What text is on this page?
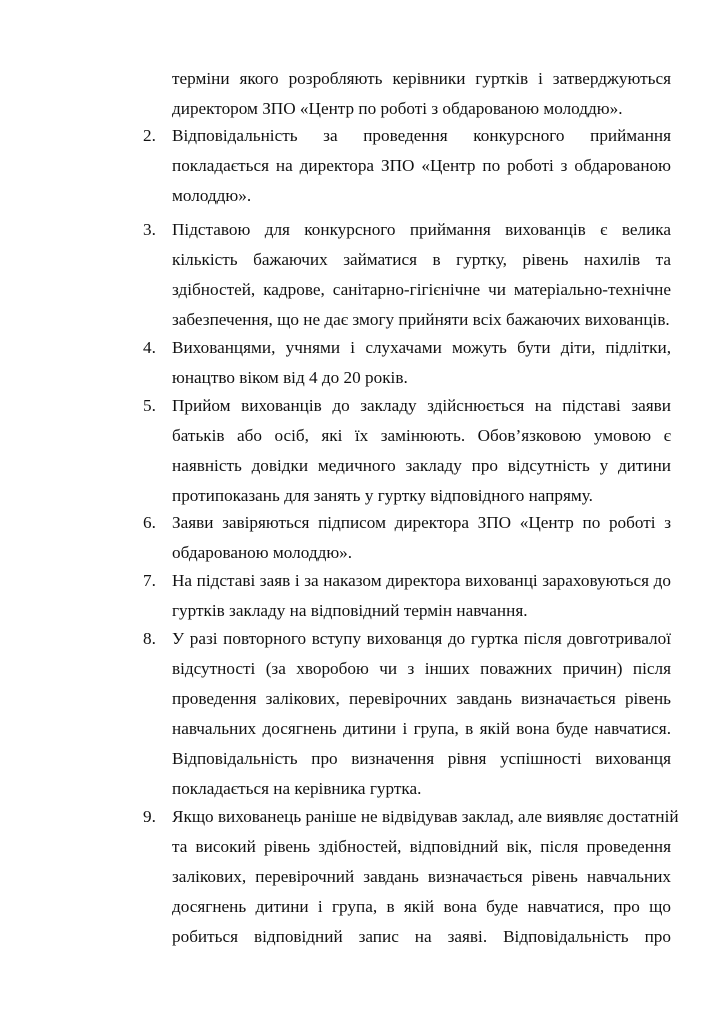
терміни якого розробляють керівники гуртків і затверджуються
директором ЗПО «Центр по роботі з обдарованою молоддю».
2. Відповідальність за проведення конкурсного приймання
покладається на директора ЗПО «Центр по роботі з обдарованою
молоддю».
3. Підставою для конкурсного приймання вихованців є велика
кількість бажаючих займатися в гуртку, рівень нахилів та
здібностей, кадрове, санітарно-гігієнічне чи матеріально-технічне
забезпечення, що не дає змогу прийняти всіх бажаючих вихованців.
4. Вихованцями, учнями і слухачами можуть бути діти, підлітки,
юнацтво віком від 4 до 20 років.
5. Прийом вихованців до закладу здійснюється на підставі заяви
батьків або осіб, які їх замінюють. Обов’язковою умовою є
наявність довідки медичного закладу про відсутність у дитини
протипоказань для занять у гуртку відповідного напряму.
6. Заяви завіряються підписом директора ЗПО «Центр по роботі з
обдарованою молоддю».
7. На підставі заяв і за наказом директора вихованці зараховуються до
гуртків закладу на відповідний термін навчання.
8. У разі повторного вступу вихованця до гуртка після довготривалої
відсутності (за хворобою чи з інших поважних причин) після
проведення залікових, перевірочних завдань визначається рівень
навчальних досягнень дитини і група, в якій вона буде навчатися.
Відповідальність про визначення рівня успішності вихованця
покладається на керівника гуртка.
9. Якщо вихованець раніше не відвідував заклад, але виявляє достатній
та високий рівень здібностей, відповідний вік, після проведення
залікових, перевірочний завдань визначається рівень навчальних
досягнень дитини і група, в якій вона буде навчатися, про що
робиться відповідний запис на заяві. Відповідальність про
